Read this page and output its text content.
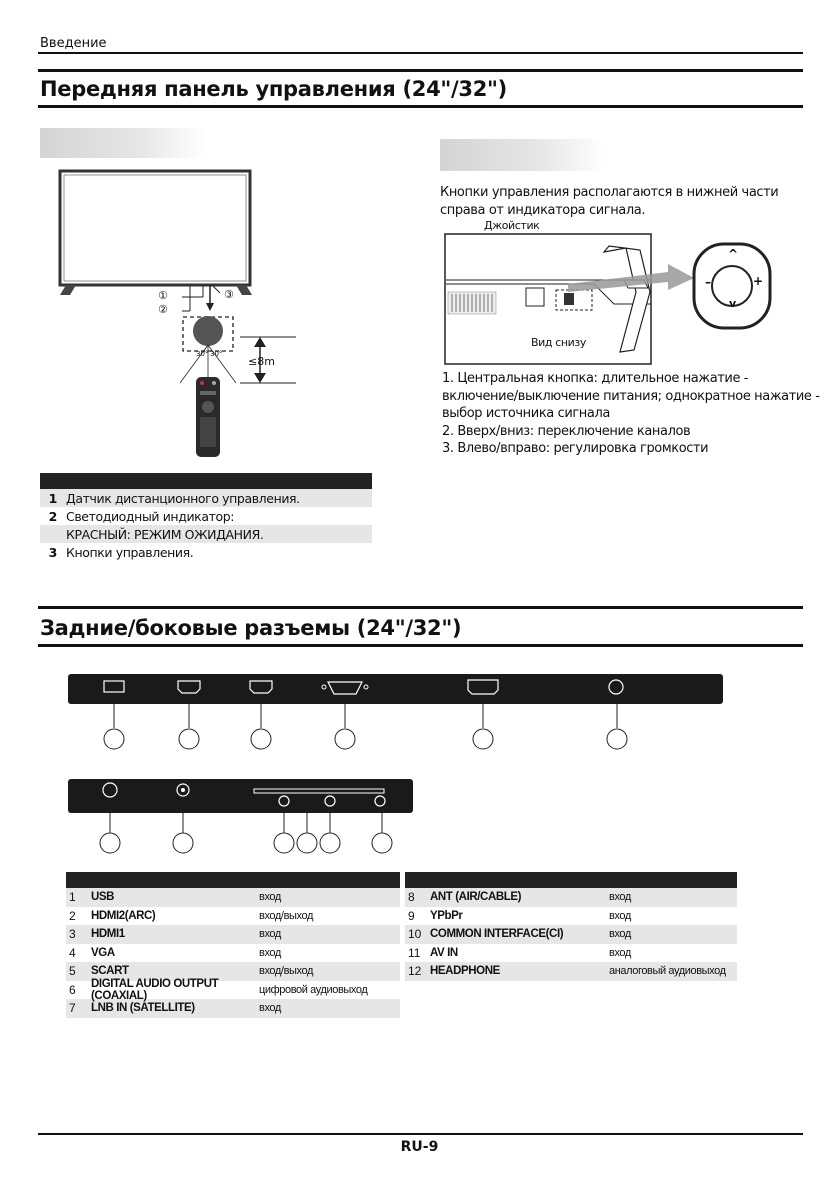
Введение
Передняя панель управления (24"/32")
①
②
③
≤8m
30° 30°
Кнопки управления располагаются в нижней части
справа от индикатора сигнала.
Джойстик
^
v
–	+
Вид снизу
1. Центральная кнопка: длительное нажатие -
включение/выключение питания; однократное нажатие -
выбор источника сигнала
2. Вверх/вниз: переключение каналов
3. Влево/вправо: регулировка громкости
1 Датчик дистанционного управления.
2 Светодиодный индикатор:
КРАСНЫЙ: РЕЖИМ ОЖИДАНИЯ.
3 Кнопки управления.
Задние/боковые разъемы (24"/32")
1	USB	вход
2	HDMI2(ARC)	вход/выход
3	HDMI1	вход
4	VGA	вход
5	SCART	вход/выход
6	DIGITAL AUDIO OUTPUT (COAXIAL)	цифровой аудиовыход
7	LNB IN (SATELLITE)	вход
8	ANT (AIR/CABLE)	вход
9	YPbPr	вход
10 COMMON INTERFACE(CI)	вход
11 AV IN	вход
12 HEADPHONE	аналоговый аудиовыход
RU-9
